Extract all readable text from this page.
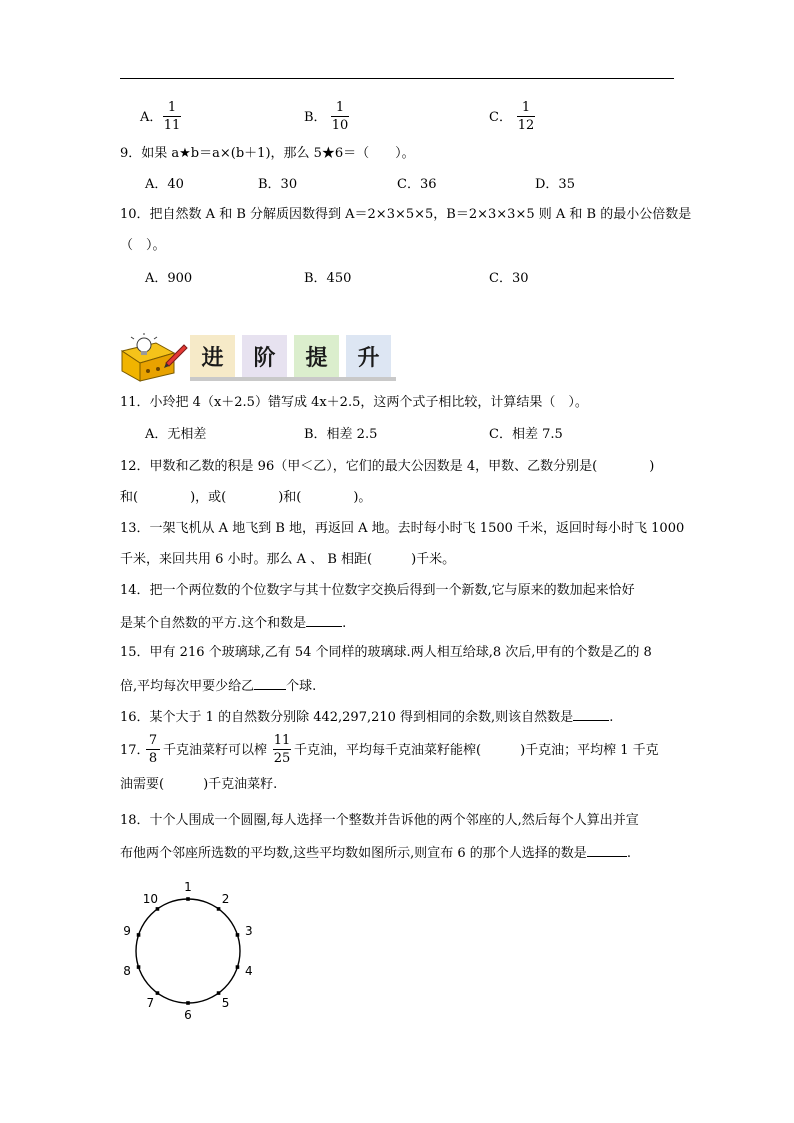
A．
1
11
B．
1
10
C．
1
12
9．如果 a★b＝a×(b＋1)，那么 5★6＝（　　）。
A．40	B．30	C．36	D．35
10．把自然数 A 和 B 分解质因数得到 A＝2×3×5×5，B＝2×3×3×5 则 A 和 B 的最小公倍数是
（　）。
A．900	B．450	C．30
进	阶	提	升
11．小玲把 4（x＋2.5）错写成 4x＋2.5，这两个式子相比较，计算结果（　）。
A．无相差	B．相差 2.5	C．相差 7.5
12．甲数和乙数的积是 96（甲＜乙），它们的最大公因数是 4，甲数、乙数分别是(　　　　)
和(　　　　)，或(　　　　)和(　　　　)。
13．一架飞机从 A 地飞到 B 地，再返回 A 地。去时每小时飞 1500 千米，返回时每小时飞 1000
千米，来回共用 6 小时。那么 A 、 B 相距(　　　)千米。
14．把一个两位数的个位数字与其十位数字交换后得到一个新数,它与原来的数加起来恰好
是某个自然数的平方.这个和数是	.
15．甲有 216 个玻璃球,乙有 54 个同样的玻璃球.两人相互给球,8 次后,甲有的个数是乙的 8
倍,平均每次甲要少给乙 个球.
16．某个大于 1 的自然数分别除 442,297,210 得到相同的余数,则该自然数是	.
17．
7
8
千克油菜籽可以榨
11
25
千克油，平均每千克油菜籽能榨(　　　)千克油；平均榨 1 千克
油需要(　　　)千克油菜籽.
18．十个人围成一个圆圈,每人选择一个整数并告诉他的两个邻座的人,然后每个人算出并宣
布他两个邻座所选数的平均数,这些平均数如图所示,则宣布 6 的那个人选择的数是	.
1
2
3
4
5
6
7
8
9
10
